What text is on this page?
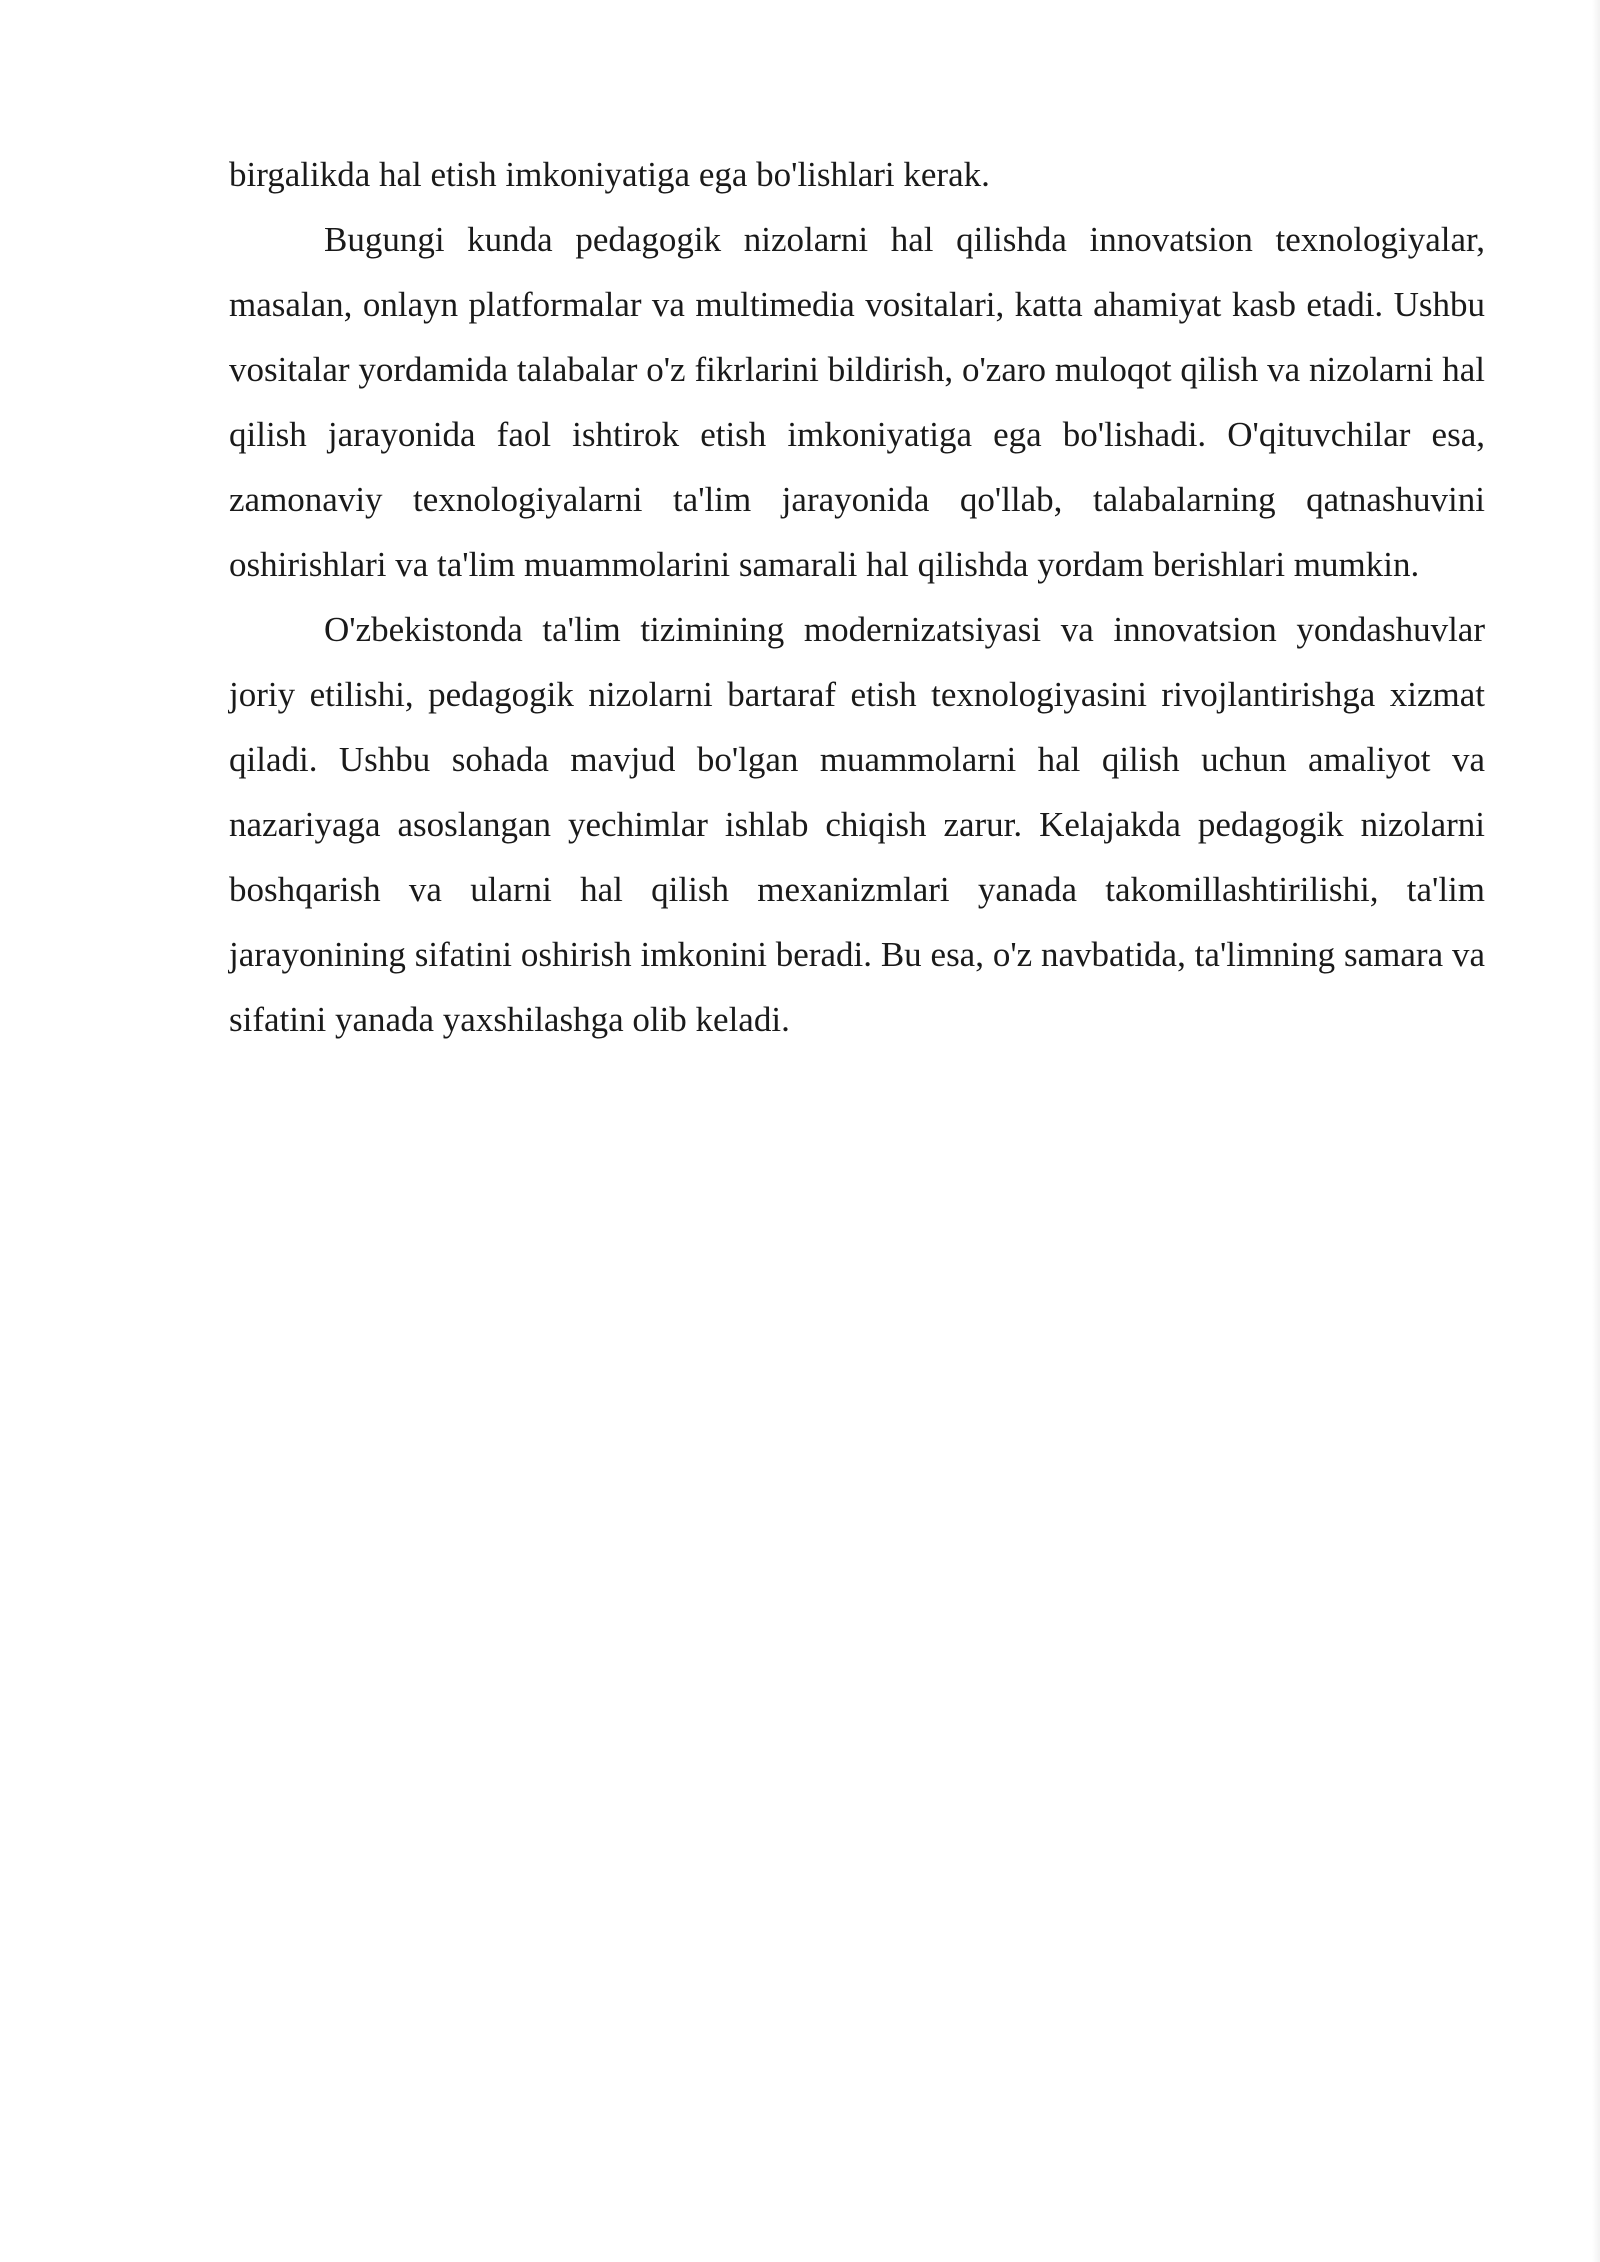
birgalikda hal etish imkoniyatiga ega bo'lishlari kerak.

Bugungi kunda pedagogik nizolarni hal qilishda innovatsion texnologiyalar, masalan, onlayn platformalar va multimedia vositalari, katta ahamiyat kasb etadi. Ushbu vositalar yordamida talabalar o'z fikrlarini bildirish, o'zaro muloqot qilish va nizolarni hal qilish jarayonida faol ishtirok etish imkoniyatiga ega bo'lishadi. O'qituvchilar esa, zamonaviy texnologiyalarni ta'lim jarayonida qo'llab, talabalarning qatnashuvini oshirishlari va ta'lim muammolarini samarali hal qilishda yordam berishlari mumkin.

O'zbekistonda ta'lim tizimining modernizatsiyasi va innovatsion yondashuvlar joriy etilishi, pedagogik nizolarni bartaraf etish texnologiyasini rivojlantirishga xizmat qiladi. Ushbu sohada mavjud bo'lgan muammolarni hal qilish uchun amaliyot va nazariyaga asoslangan yechimlar ishlab chiqish zarur. Kelajakda pedagogik nizolarni boshqarish va ularni hal qilish mexanizmlari yanada takomillashtirilishi, ta'lim jarayonining sifatini oshirish imkonini beradi. Bu esa, o'z navbatida, ta'limning samara va sifatini yanada yaxshilashga olib keladi.
